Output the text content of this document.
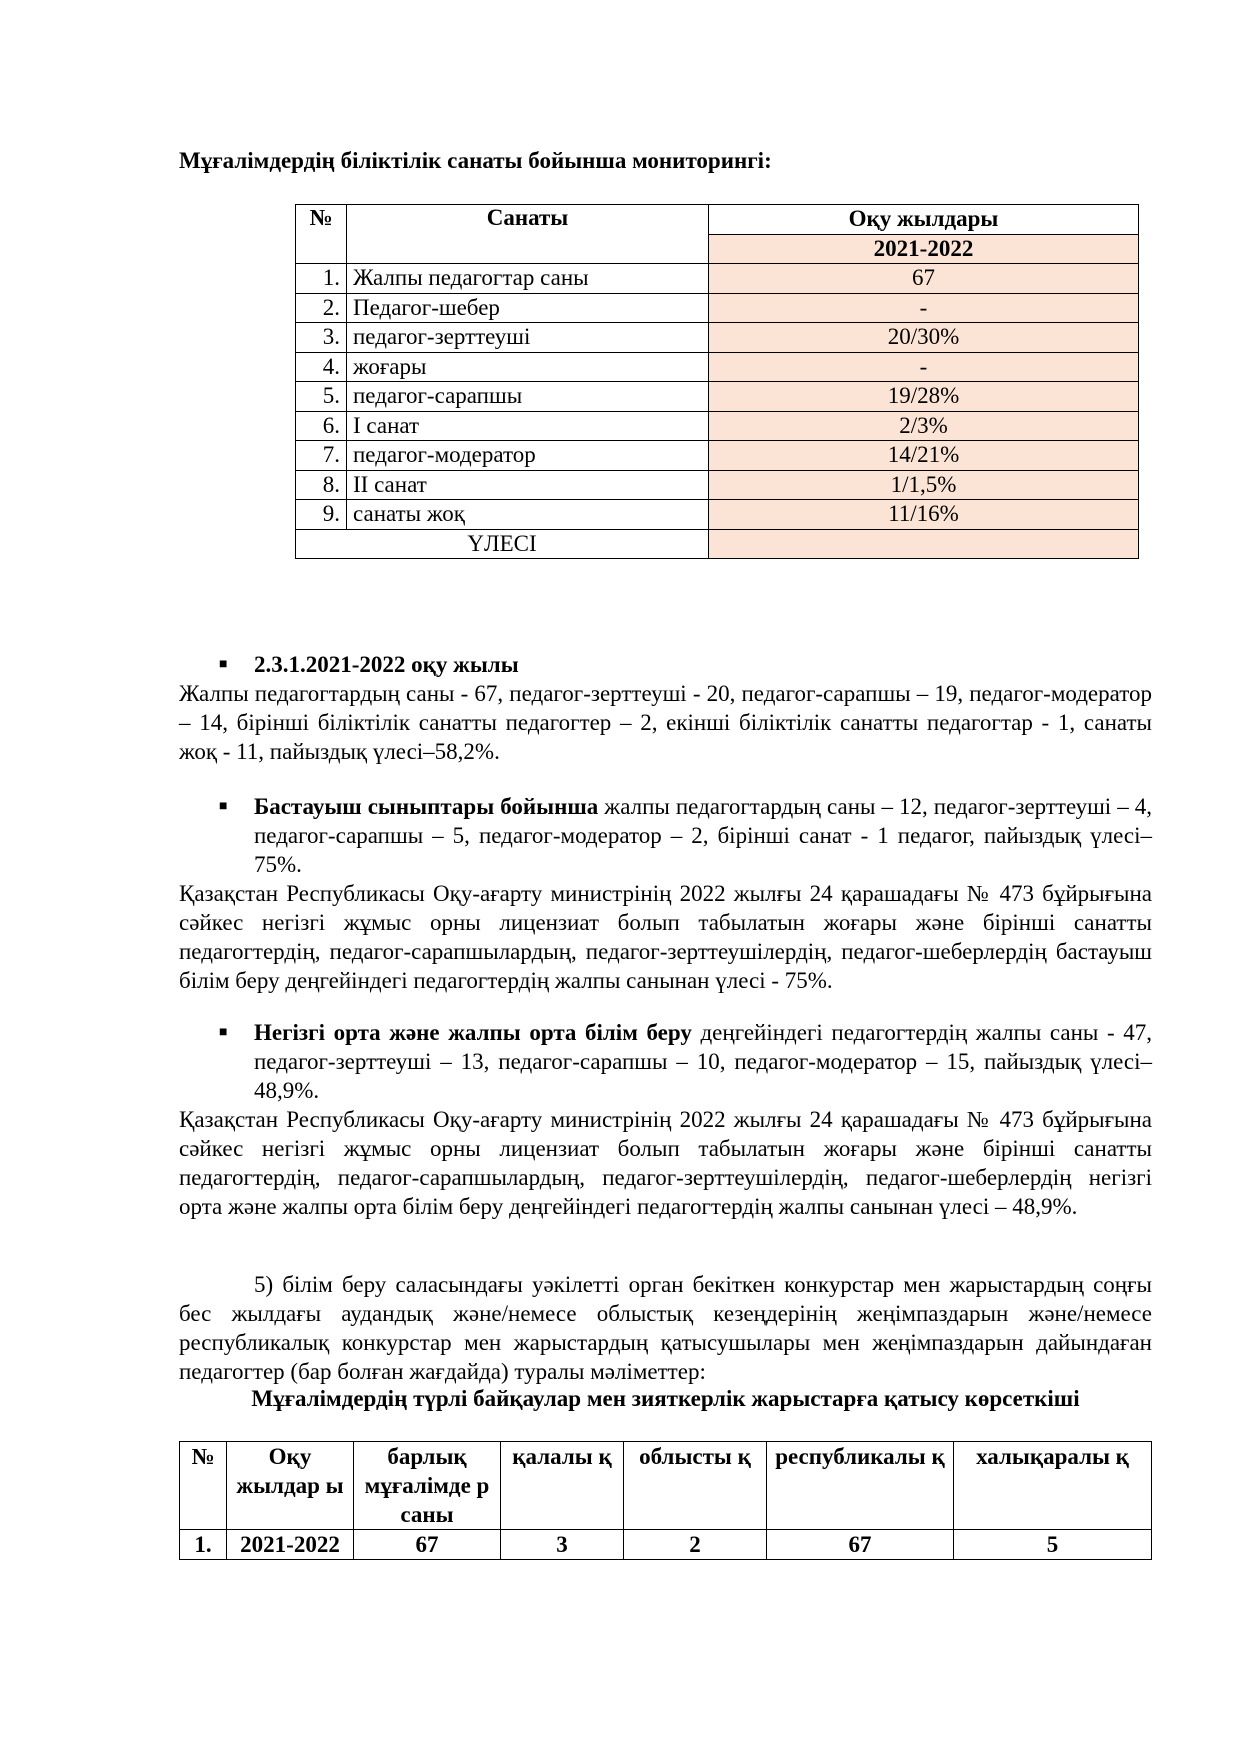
Мұғалімдердің біліктілік санаты бойынша мониторингі:
№	Санаты	Оқу жылдары
		2021-2022
1.	Жалпы педагогтар саны	67
2.	Педагог-шебер	-
3.	педагог-зерттеуші	20/30%
4.	жоғары	-
5.	педагог-сарапшы	19/28%
6.	І санат	2/3%
7.	педагог-модератор	14/21%
8.	ІІ санат	1/1,5%
9.	санаты жоқ	11/16%
ҮЛЕСІ		
■ 2.3.1.2021-2022 оқу жылы
Жалпы педагогтардың саны - 67, педагог-зерттеуші - 20, педагог-сарапшы – 19, педагог-модератор – 14, бірінші біліктілік санатты педагогтер – 2, екінші біліктілік санатты педагогтар - 1, санаты жоқ - 11, пайыздық үлесі–58,2%.
■ Бастауыш сыныптары бойынша жалпы педагогтардың саны – 12, педагог-зерттеуші – 4, педагог-сарапшы – 5, педагог-модератор – 2, бірінші санат - 1 педагог, пайыздық үлесі– 75%.
Қазақстан Республикасы Оқу-ағарту министрінің 2022 жылғы 24 қарашадағы № 473 бұйрығына сәйкес негізгі жұмыс орны лицензиат болып табылатын жоғары және бірінші санатты педагогтердің, педагог-сарапшылардың, педагог-зерттеушілердің, педагог-шеберлердің бастауыш білім беру деңгейіндегі педагогтердің жалпы санынан үлесі - 75%.
■ Негізгі орта және жалпы орта білім беру деңгейіндегі педагогтердің жалпы саны - 47, педагог-зерттеуші – 13, педагог-сарапшы – 10, педагог-модератор – 15, пайыздық үлесі– 48,9%.
Қазақстан Республикасы Оқу-ағарту министрінің 2022 жылғы 24 қарашадағы № 473 бұйрығына сәйкес негізгі жұмыс орны лицензиат болып табылатын жоғары және бірінші санатты педагогтердің, педагог-сарапшылардың, педагог-зерттеушілердің, педагог-шеберлердің негізгі орта және жалпы орта білім беру деңгейіндегі педагогтердің жалпы санынан үлесі – 48,9%.
5) білім беру саласындағы уәкілетті орган бекіткен конкурстар мен жарыстардың соңғы бес жылдағы аудандық және/немесе облыстық кезеңдерінің жеңімпаздарын және/немесе республикалық конкурстар мен жарыстардың қатысушылары мен жеңімпаздарын дайындаған педагогтер (бар болған жағдайда) туралы мәліметтер:
Мұғалімдердің түрлі байқаулар мен зияткерлік жарыстарға қатысу көрсеткіші
№	Оқу жылдар ы	барлық мұғалімде р саны	қалалы қ	облысты қ	республикалы қ	халықаралы қ
1.	2021-2022	67	3	2	67	5
